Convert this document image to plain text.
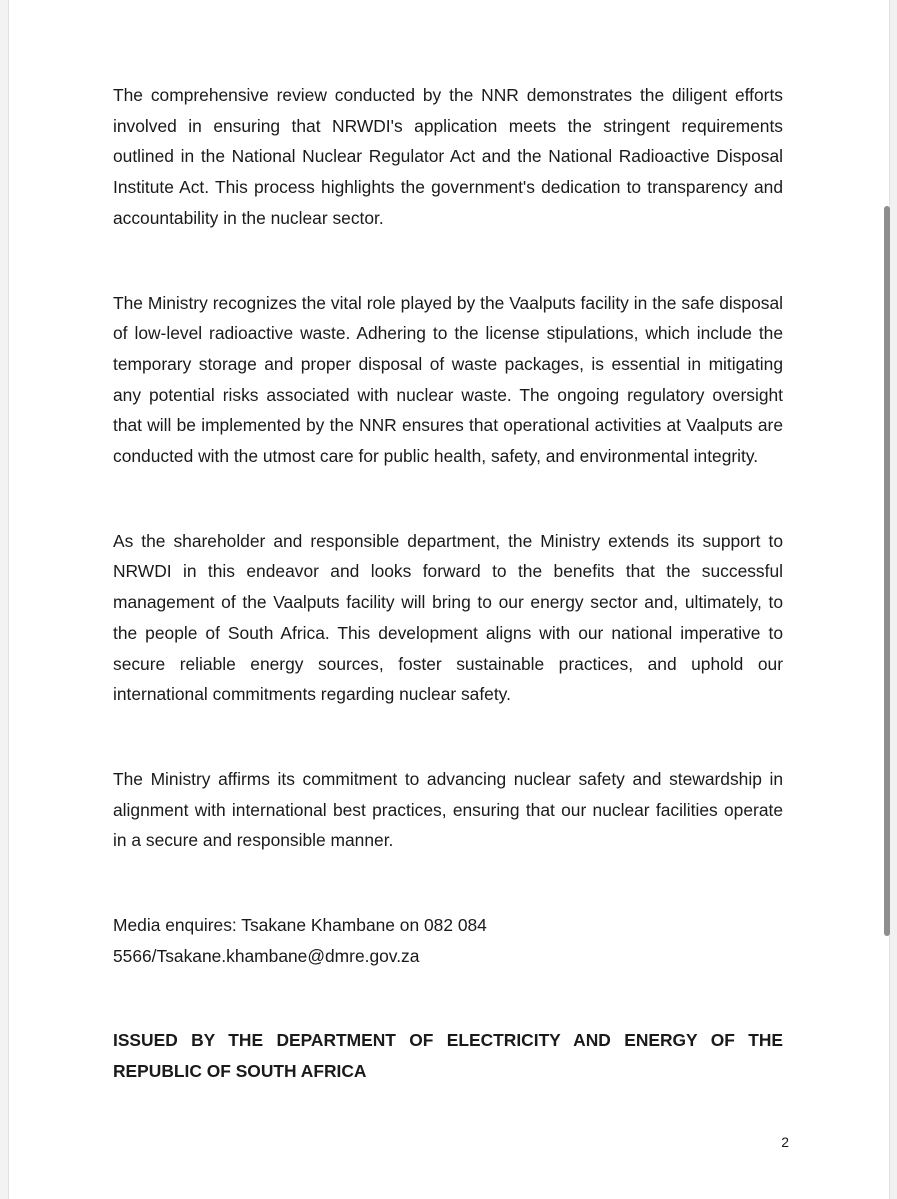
The comprehensive review conducted by the NNR demonstrates the diligent efforts involved in ensuring that NRWDI's application meets the stringent requirements outlined in the National Nuclear Regulator Act and the National Radioactive Disposal Institute Act. This process highlights the government's dedication to transparency and accountability in the nuclear sector.

The Ministry recognizes the vital role played by the Vaalputs facility in the safe disposal of low-level radioactive waste. Adhering to the license stipulations, which include the temporary storage and proper disposal of waste packages, is essential in mitigating any potential risks associated with nuclear waste. The ongoing regulatory oversight that will be implemented by the NNR ensures that operational activities at Vaalputs are conducted with the utmost care for public health, safety, and environmental integrity.

As the shareholder and responsible department, the Ministry extends its support to NRWDI in this endeavor and looks forward to the benefits that the successful management of the Vaalputs facility will bring to our energy sector and, ultimately, to the people of South Africa. This development aligns with our national imperative to secure reliable energy sources, foster sustainable practices, and uphold our international commitments regarding nuclear safety.

The Ministry affirms its commitment to advancing nuclear safety and stewardship in alignment with international best practices, ensuring that our nuclear facilities operate in a secure and responsible manner.

Media enquires: Tsakane Khambane on 082 084

5566/Tsakane.khambane@dmre.gov.za

ISSUED BY THE DEPARTMENT OF ELECTRICITY AND ENERGY OF THE REPUBLIC OF SOUTH AFRICA

2
